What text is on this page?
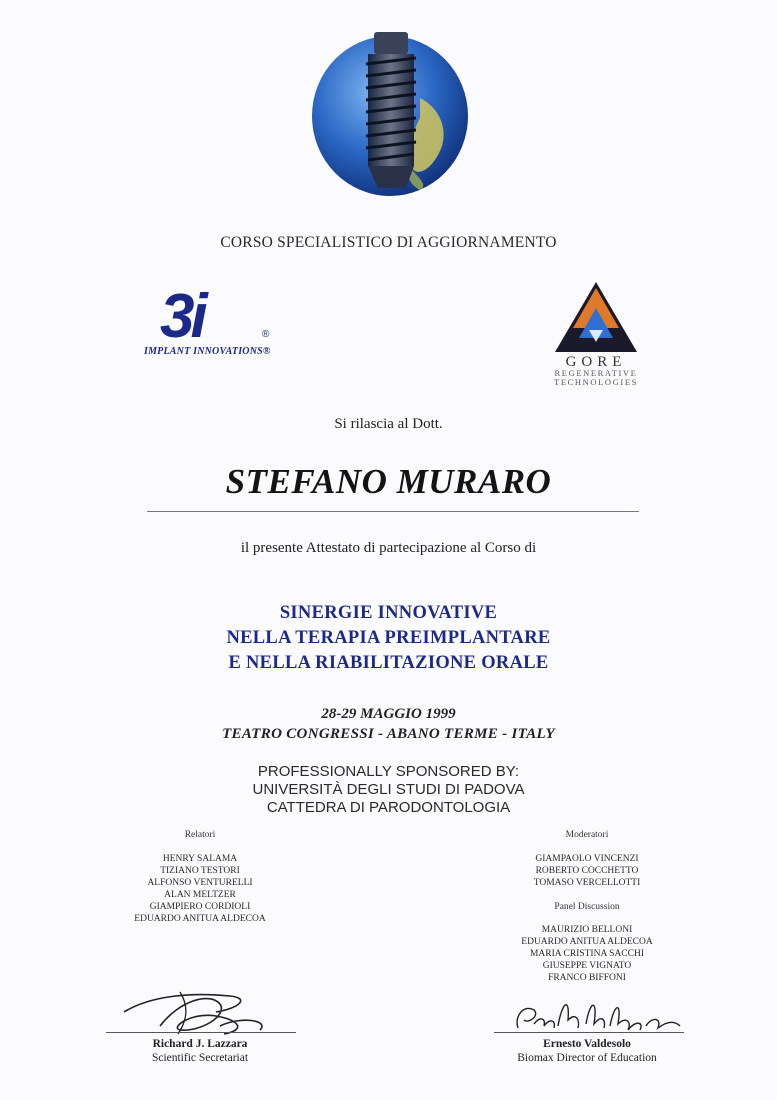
CORSO SPECIALISTICO DI AGGIORNAMENTO
3i	®
IMPLANT INNOVATIONS®
GORE
REGENERATIVE
TECHNOLOGIES
Si rilascia al Dott.
STEFANO MURARO
il presente Attestato di partecipazione al Corso di
SINERGIE INNOVATIVE
NELLA TERAPIA PREIMPLANTARE
E NELLA RIABILITAZIONE ORALE
28-29 MAGGIO 1999
TEATRO CONGRESSI - ABANO TERME - ITALY
PROFESSIONALLY SPONSORED BY:
UNIVERSITÀ DEGLI STUDI DI PADOVA
CATTEDRA DI PARODONTOLOGIA
Relatori
HENRY SALAMA
TIZIANO TESTORI
ALFONSO VENTURELLI
ALAN MELTZER
GIAMPIERO CORDIOLI
EDUARDO ANITUA ALDECOA
Moderatori
GIAMPAOLO VINCENZI
ROBERTO COCCHETTO
TOMASO VERCELLOTTI
Panel Discussion
MAURIZIO BELLONI
EDUARDO ANITUA ALDECOA
MARIA CRISTINA SACCHI
GIUSEPPE VIGNATO
FRANCO BIFFONI
Richard J. Lazzara
Scientific Secretariat
Ernesto Valdesolo
Biomax Director of Education
